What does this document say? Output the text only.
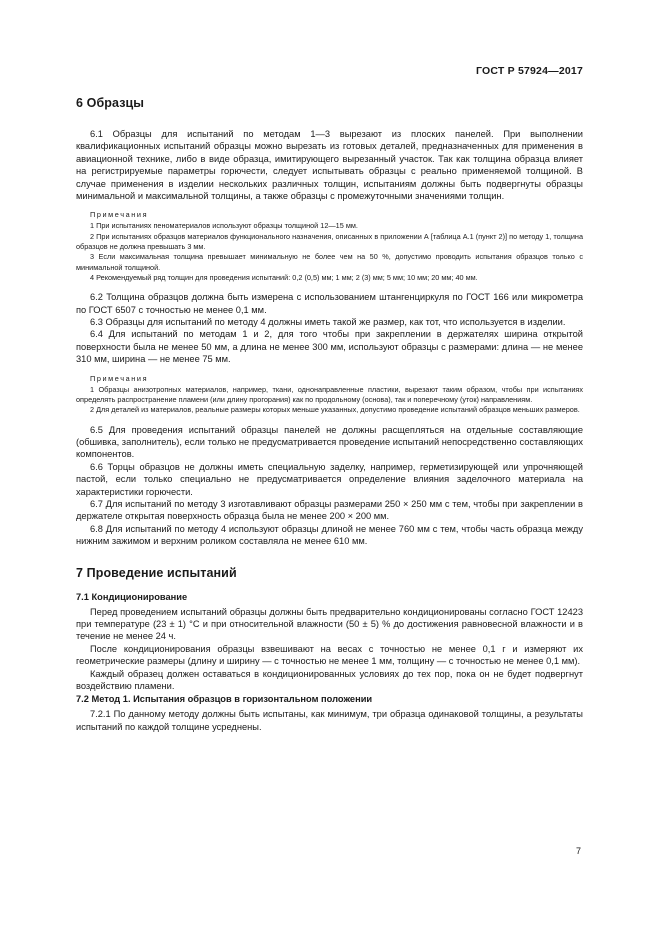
ГОСТ Р 57924—2017
6 Образцы

6.1 Образцы для испытаний по методам 1—3 вырезают из плоских панелей. При выполнении квалификационных испытаний образцы можно вырезать из готовых деталей, предназначенных для применения в авиационной технике, либо в виде образца, имитирующего вырезанный участок. Так как толщина образца влияет на регистрируемые параметры горючести, следует испытывать образцы с реально применяемой толщиной. В случае применения в изделии нескольких различных толщин, испытаниям должны быть подвергнуты образцы минимальной и максимальной толщины, а также образцы с промежуточными значениями толщин.

Примечания

1 При испытаниях пеноматериалов используют образцы толщиной 12—15 мм.

2 При испытаниях образцов материалов функционального назначения, описанных в приложении А [таблица А.1 (пункт 2)] по методу 1, толщина образцов не должна превышать 3 мм.

3 Если максимальная толщина превышает минимальную не более чем на 50 %, допустимо проводить испытания образцов только с минимальной толщиной.

4 Рекомендуемый ряд толщин для проведения испытаний: 0,2 (0,5) мм; 1 мм; 2 (3) мм; 5 мм; 10 мм; 20 мм; 40 мм.

6.2 Толщина образцов должна быть измерена с использованием штангенциркуля по ГОСТ 166 или микрометра по ГОСТ 6507 с точностью не менее 0,1 мм.

6.3 Образцы для испытаний по методу 4 должны иметь такой же размер, как тот, что используется в изделии.

6.4 Для испытаний по методам 1 и 2, для того чтобы при закреплении в держателях ширина открытой поверхности была не менее 50 мм, а длина не менее 300 мм, используют образцы с размерами: длина — не менее 310 мм, ширина — не менее 75 мм.

Примечания

1 Образцы анизотропных материалов, например, ткани, однонаправленные пластики, вырезают таким образом, чтобы при испытаниях определять распространение пламени (или длину прогорания) как по продольному (основа), так и поперечному (уток) направлениям.

2 Для деталей из материалов, реальные размеры которых меньше указанных, допустимо проведение испытаний образцов меньших размеров.

6.5 Для проведения испытаний образцы панелей не должны расщепляться на отдельные составляющие (обшивка, заполнитель), если только не предусматривается проведение испытаний непосредственно составляющих компонентов.

6.6 Торцы образцов не должны иметь специальную заделку, например, герметизирующей или упрочняющей пастой, если только специально не предусматривается определение влияния заделочного материала на характеристики горючести.

6.7 Для испытаний по методу 3 изготавливают образцы размерами 250 × 250 мм с тем, чтобы при закреплении в держателе открытая поверхность образца была не менее 200 × 200 мм.

6.8 Для испытаний по методу 4 используют образцы длиной не менее 760 мм с тем, чтобы часть образца между нижним зажимом и верхним роликом составляла не менее 610 мм.

7 Проведение испытаний
7.1 Кондиционирование

Перед проведением испытаний образцы должны быть предварительно кондиционированы согласно ГОСТ 12423 при температуре (23 ± 1) °С и при относительной влажности (50 ± 5) % до достижения равновесной влажности и в течение не менее 24 ч.

После кондиционирования образцы взвешивают на весах с точностью не менее 0,1 г и измеряют их геометрические размеры (длину и ширину — с точностью не менее 1 мм, толщину — с точностью не менее 0,1 мм).

Каждый образец должен оставаться в кондиционированных условиях до тех пор, пока он не будет подвергнут воздействию пламени.

7.2 Метод 1. Испытания образцов в горизонтальном положении

7.2.1 По данному методу должны быть испытаны, как минимум, три образца одинаковой толщины, а результаты испытаний по каждой толщине усреднены.

7
